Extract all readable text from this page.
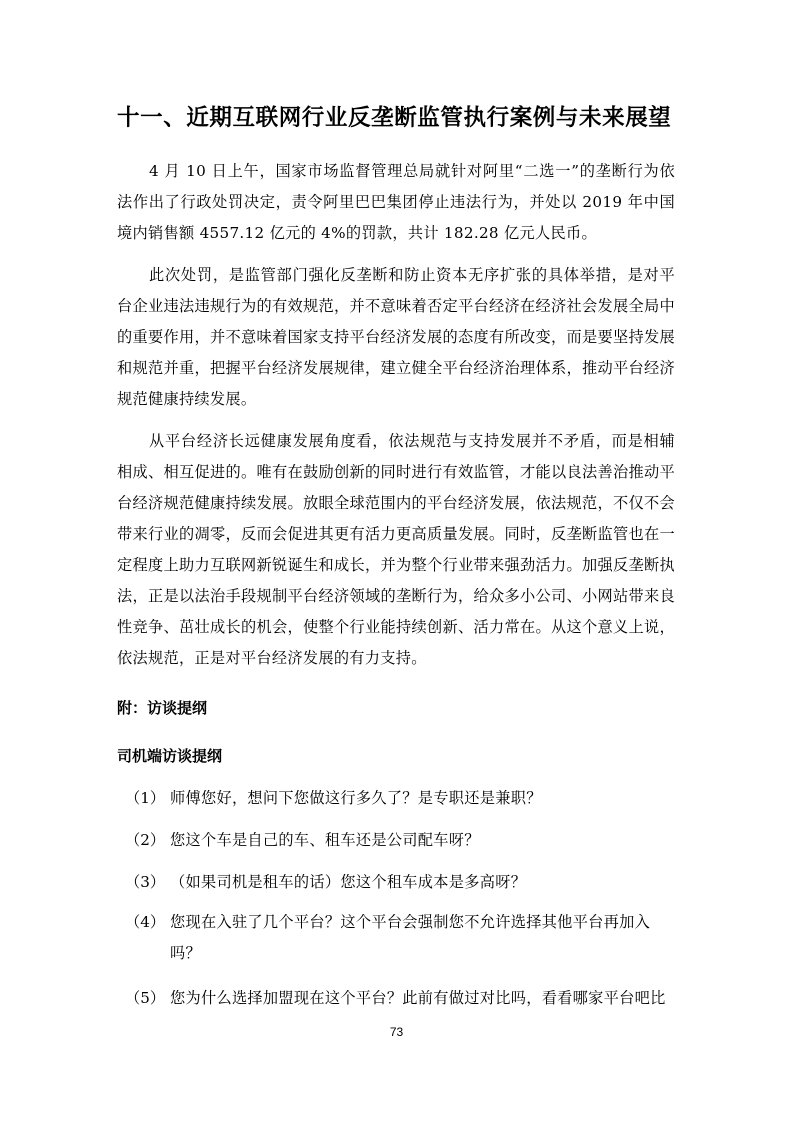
十一、近期互联网行业反垄断监管执行案例与未来展望

4 月 10 日上午，国家市场监督管理总局就针对阿里“二选一”的垄断行为依法作出了行政处罚决定，责令阿里巴巴集团停止违法行为，并处以 2019 年中国境内销售额 4557.12 亿元的 4%的罚款，共计 182.28 亿元人民币。

此次处罚，是监管部门强化反垄断和防止资本无序扩张的具体举措，是对平台企业违法违规行为的有效规范，并不意味着否定平台经济在经济社会发展全局中的重要作用，并不意味着国家支持平台经济发展的态度有所改变，而是要坚持发展和规范并重，把握平台经济发展规律，建立健全平台经济治理体系，推动平台经济规范健康持续发展。

从平台经济长远健康发展角度看，依法规范与支持发展并不矛盾，而是相辅相成、相互促进的。唯有在鼓励创新的同时进行有效监管，才能以良法善治推动平台经济规范健康持续发展。放眼全球范围内的平台经济发展，依法规范，不仅不会带来行业的凋零，反而会促进其更有活力更高质量发展。同时，反垄断监管也在一定程度上助力互联网新锐诞生和成长，并为整个行业带来强劲活力。加强反垄断执法，正是以法治手段规制平台经济领域的垄断行为，给众多小公司、小网站带来良性竞争、茁壮成长的机会，使整个行业能持续创新、活力常在。从这个意义上说，依法规范，正是对平台经济发展的有力支持。

附：访谈提纲
司机端访谈提纲
（1） 师傅您好，想问下您做这行多久了？是专职还是兼职？
（2） 您这个车是自己的车、租车还是公司配车呀？
（3） （如果司机是租车的话）您这个租车成本是多高呀？
（4） 您现在入驻了几个平台？这个平台会强制您不允许选择其他平台再加入吗？
（5） 您为什么选择加盟现在这个平台？此前有做过对比吗，看看哪家平台吧比
73
